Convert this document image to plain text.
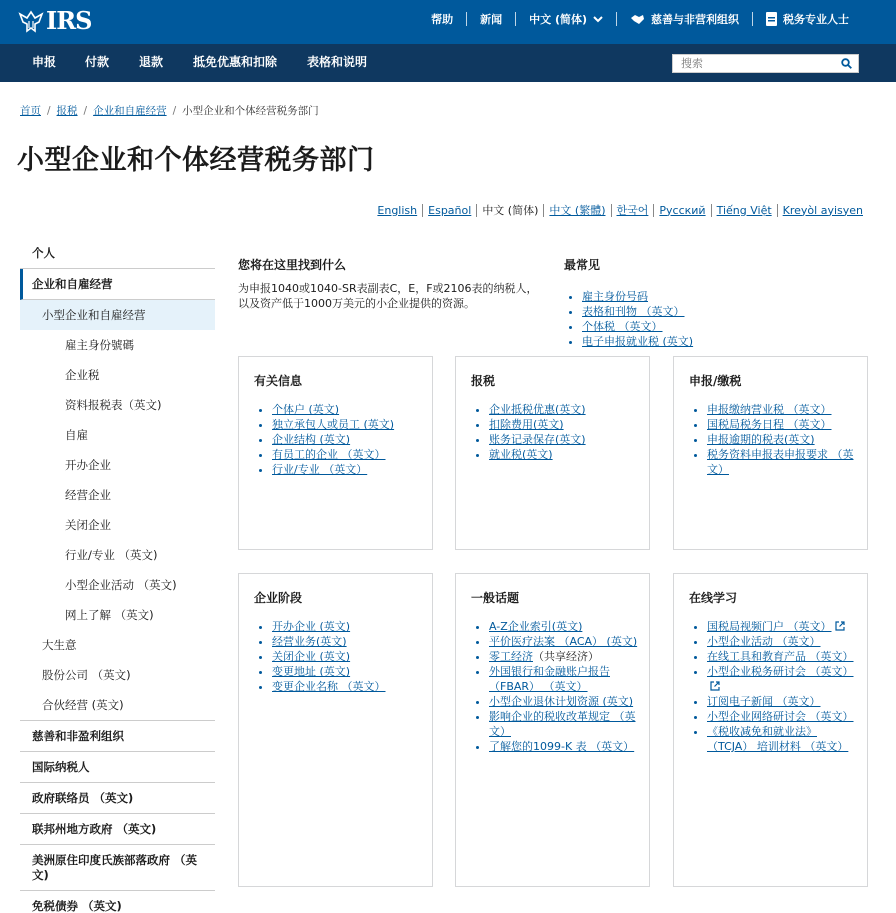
IRS	帮助 新闻 中文 (简体)	慈善与非营利组织	税务专业人士
申报 付款 退款 抵免优惠和扣除 表格和说明
搜索
首页 / 报税 / 企业和自雇经营 / 小型企业和个体经营税务部门
小型企业和个体经营税务部门
English	Español	中文 (简体)	中文 (繁體)	한국어	Русский	Tiếng Việt	Kreyòl ayisyen
个人
企业和自雇经营
小型企业和自雇经营
雇主身份號碼
企业税
资料报税表（英文)
自雇
开办企业
经营企业
关闭企业
行业/专业 （英文)
小型企业活动 （英文)
网上了解 （英文)
大生意
股份公司 （英文)
合伙经营 (英文)
慈善和非盈利组织
国际纳税人
政府联络员 （英文)
联邦州地方政府 （英文)
美洲原住印度氏族部落政府 （英文)
免税债券 （英文)
您将在这里找到什么
为申报1040或1040-SR表副表C，E，F或2106表的纳税人，以及资产低于1000万美元的小企业提供的资源。
最常见
• 雇主身份号码
• 表格和刊物 （英文）
• 个体税 （英文）
• 电子申报就业税 (英文)
有关信息
• 个体户 (英文)
• 独立承包人或员工 (英文)
• 企业结构 (英文)
• 有员工的企业 （英文）
• 行业/专业 （英文）
报税
• 企业抵税优惠(英文)
• 扣除费用(英文)
• 账务记录保存(英文)
• 就业税(英文)
申报/缴税
• 申报缴纳营业税 （英文）
• 国税局税务日程 （英文）
• 申报逾期的税表(英文)
• 税务资料申报表申报要求 （英文）
企业阶段
• 开办企业 (英文)
• 经营业务(英文)
• 关闭企业 (英文)
• 变更地址 (英文)
• 变更企业名称 （英文）
一般话题
• A-Z企业索引(英文)
• 平价医疗法案 （ACA） (英文)
• 零工经济（共享经济）
• 外国银行和金融账户报告 （FBAR） （英文）
• 小型企业退休计划资源 (英文)
• 影响企业的税收改革规定 （英文）
• 了解您的1099-K 表 （英文）
在线学习
• 国税局视频门户 （英文）
• 小型企业活动 （英文）
• 在线工具和教育产品 （英文）
• 小型企业税务研讨会 （英文）
• 订阅电子新闻 （英文）
• 小型企业网络研讨会 （英文）
• 《税收减免和就业法》 （TCJA） 培训材料 （英文）
